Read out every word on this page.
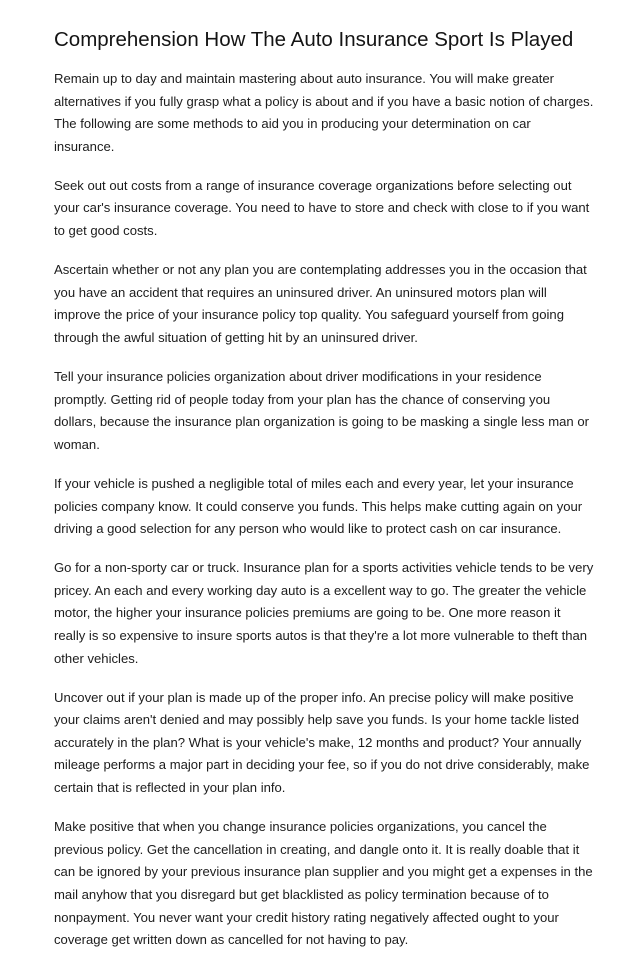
Comprehension How The Auto Insurance Sport Is Played

Remain up to day and maintain mastering about auto insurance. You will make greater alternatives if you fully grasp what a policy is about and if you have a basic notion of charges. The following are some methods to aid you in producing your determination on car insurance.

Seek out out costs from a range of insurance coverage organizations before selecting out your car's insurance coverage. You need to have to store and check with close to if you want to get good costs.

Ascertain whether or not any plan you are contemplating addresses you in the occasion that you have an accident that requires an uninsured driver. An uninsured motors plan will improve the price of your insurance policy top quality. You safeguard yourself from going through the awful situation of getting hit by an uninsured driver.

Tell your insurance policies organization about driver modifications in your residence promptly. Getting rid of people today from your plan has the chance of conserving you dollars, because the insurance plan organization is going to be masking a single less man or woman.

If your vehicle is pushed a negligible total of miles each and every year, let your insurance policies company know. It could conserve you funds. This helps make cutting again on your driving a good selection for any person who would like to protect cash on car insurance.

Go for a non-sporty car or truck. Insurance plan for a sports activities vehicle tends to be very pricey. An each and every working day auto is a excellent way to go. The greater the vehicle motor, the higher your insurance policies premiums are going to be. One more reason it really is so expensive to insure sports autos is that they're a lot more vulnerable to theft than other vehicles.

Uncover out if your plan is made up of the proper info. An precise policy will make positive your claims aren't denied and may possibly help save you funds. Is your home tackle listed accurately in the plan? What is your vehicle's make, 12 months and product? Your annually mileage performs a major part in deciding your fee, so if you do not drive considerably, make certain that is reflected in your plan info.

Make positive that when you change insurance policies organizations, you cancel the previous policy. Get the cancellation in creating, and dangle onto it. It is really doable that it can be ignored by your previous insurance plan supplier and you might get a expenses in the mail anyhow that you disregard but get blacklisted as policy termination because of to nonpayment. You never want your credit history rating negatively affected ought to your coverage get written down as cancelled for not having to pay.
